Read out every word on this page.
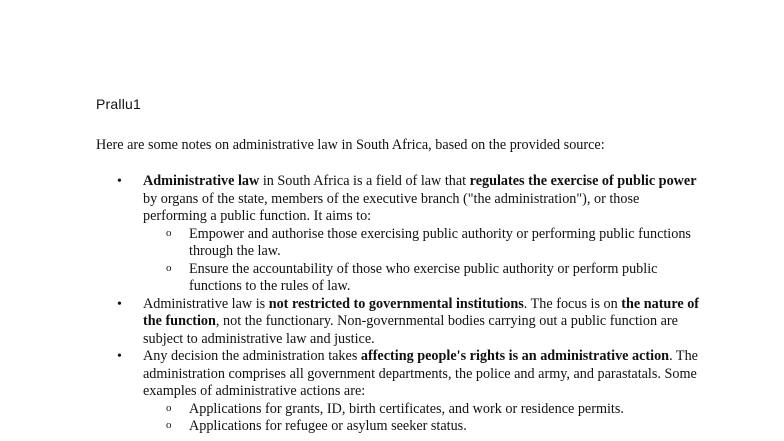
Prallu1
Here are some notes on administrative law in South Africa, based on the provided source:
• Administrative law in South Africa is a field of law that regulates the exercise of public power by organs of the state, members of the executive branch ("the administration"), or those performing a public function. It aims to:
o Empower and authorise those exercising public authority or performing public functions through the law.
o Ensure the accountability of those who exercise public authority or perform public functions to the rules of law.
• Administrative law is not restricted to governmental institutions. The focus is on the nature of the function, not the functionary. Non-governmental bodies carrying out a public function are subject to administrative law and justice.
• Any decision the administration takes affecting people's rights is an administrative action. The administration comprises all government departments, the police and army, and parastatals. Some examples of administrative actions are:
o Applications for grants, ID, birth certificates, and work or residence permits.
o Applications for refugee or asylum seeker status.
